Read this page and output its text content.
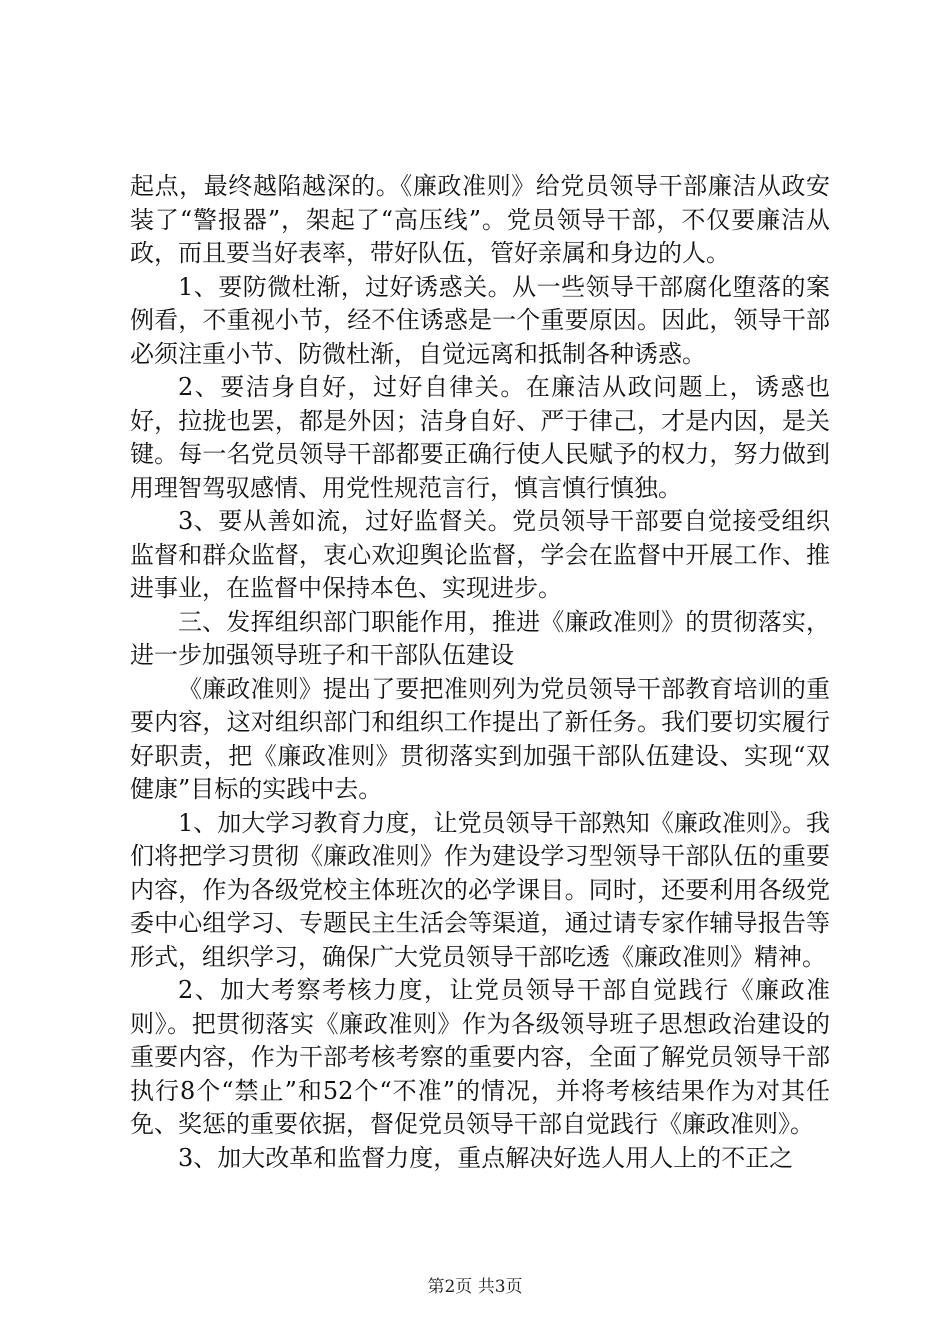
起点，最终越陷越深的。《廉政准则》给党员领导干部廉洁从政安装了“警报器”，架起了“高压线”。党员领导干部，不仅要廉洁从政，而且要当好表率，带好队伍，管好亲属和身边的人。

1、要防微杜渐，过好诱惑关。从一些领导干部腐化堕落的案例看，不重视小节，经不住诱惑是一个重要原因。因此，领导干部必须注重小节、防微杜渐，自觉远离和抵制各种诱惑。

2、要洁身自好，过好自律关。在廉洁从政问题上，诱惑也好，拉拢也罢，都是外因；洁身自好、严于律己，才是内因，是关键。每一名党员领导干部都要正确行使人民赋予的权力，努力做到用理智驾驭感情、用党性规范言行，慎言慎行慎独。

3、要从善如流，过好监督关。党员领导干部要自觉接受组织监督和群众监督，衷心欢迎舆论监督，学会在监督中开展工作、推进事业，在监督中保持本色、实现进步。

三、发挥组织部门职能作用，推进《廉政准则》的贯彻落实，进一步加强领导班子和干部队伍建设

《廉政准则》提出了要把准则列为党员领导干部教育培训的重要内容，这对组织部门和组织工作提出了新任务。我们要切实履行好职责，把《廉政准则》贯彻落实到加强干部队伍建设、实现“双健康”目标的实践中去。

1、加大学习教育力度，让党员领导干部熟知《廉政准则》。我们将把学习贯彻《廉政准则》作为建设学习型领导干部队伍的重要内容，作为各级党校主体班次的必学课目。同时，还要利用各级党委中心组学习、专题民主生活会等渠道，通过请专家作辅导报告等形式，组织学习，确保广大党员领导干部吃透《廉政准则》精神。

2、加大考察考核力度，让党员领导干部自觉践行《廉政准则》。把贯彻落实《廉政准则》作为各级领导班子思想政治建设的重要内容，作为干部考核考察的重要内容，全面了解党员领导干部执行8个“禁止”和52个“不准”的情况，并将考核结果作为对其任免、奖惩的重要依据，督促党员领导干部自觉践行《廉政准则》。

3、加大改革和监督力度，重点解决好选人用人上的不正之

第2页 共3页
